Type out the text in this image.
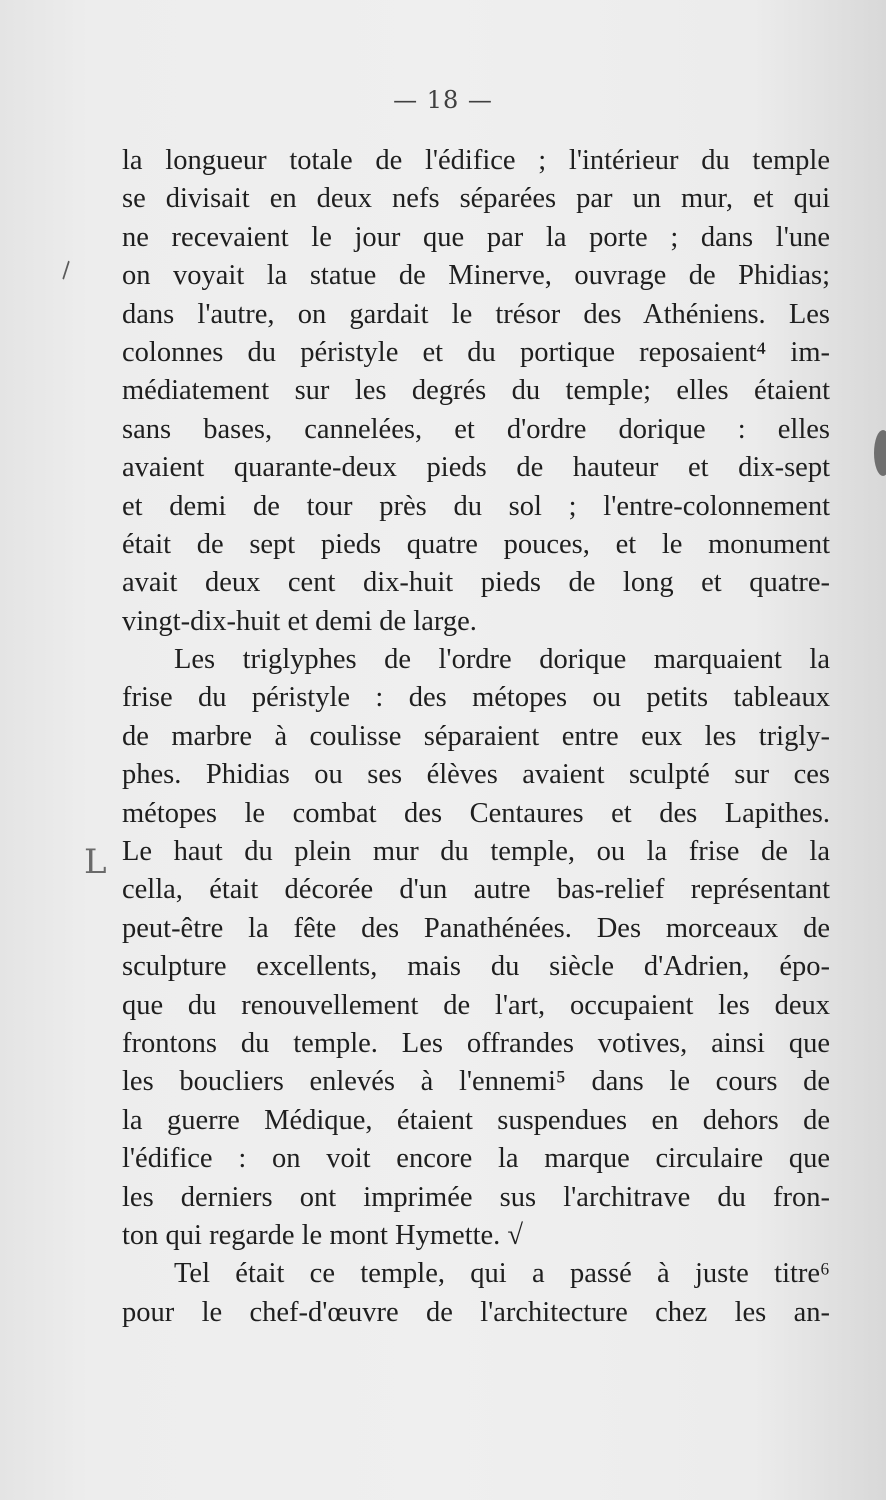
— 18 —
\
L
la longueur totale de l'édifice ; l'intérieur du temple
se divisait en deux nefs séparées par un mur, et qui
ne recevaient le jour que par la porte ; dans l'une
on voyait la statue de Minerve, ouvrage de Phidias;
dans l'autre, on gardait le trésor des Athéniens. Les
colonnes du péristyle et du portique reposaient⁴ im-
médiatement sur les degrés du temple; elles étaient
sans bases, cannelées, et d'ordre dorique : elles
avaient quarante-deux pieds de hauteur et dix-sept
et demi de tour près du sol ; l'entre-colonnement
était de sept pieds quatre pouces, et le monument
avait deux cent dix-huit pieds de long et quatre-
vingt-dix-huit et demi de large.
Les triglyphes de l'ordre dorique marquaient la
frise du péristyle : des métopes ou petits tableaux
de marbre à coulisse séparaient entre eux les trigly-
phes. Phidias ou ses élèves avaient sculpté sur ces
métopes le combat des Centaures et des Lapithes.
Le haut du plein mur du temple, ou la frise de la
cella, était décorée d'un autre bas-relief représentant
peut-être la fête des Panathénées. Des morceaux de
sculpture excellents, mais du siècle d'Adrien, épo-
que du renouvellement de l'art, occupaient les deux
frontons du temple. Les offrandes votives, ainsi que
les boucliers enlevés à l'ennemi⁵ dans le cours de
la guerre Médique, étaient suspendues en dehors de
l'édifice : on voit encore la marque circulaire que
les derniers ont imprimée sus l'architrave du fron-
ton qui regarde le mont Hymette. √
Tel était ce temple, qui a passé à juste titre⁶
pour le chef-d'œuvre de l'architecture chez les an-
